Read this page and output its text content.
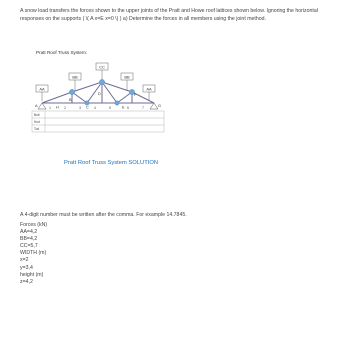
A snow load transfers the forces shown to the upper joints of the Pratt and Howe roof lattices shown below. Ignoring the horizontal responses on the supports ( \( A x=E x=0 \) ) a) Determine the forces in all members using the joint method.
Pratt Roof Truss System:
CC
BB	BB
AA	AA
A
B
C
D
E
F
G
H
Bolt
Hod
Tod
1	2	3	4	5	6	7
Pratt Roof Truss System SOLUTION
A 4-digit number must be written after the comma. For example 14.7845.
Forces (kN)
AA=4,2
BB=4,2
CC=5,7
WIDTH (m)
x=2
y=3,4
height (m)
z=4,2
